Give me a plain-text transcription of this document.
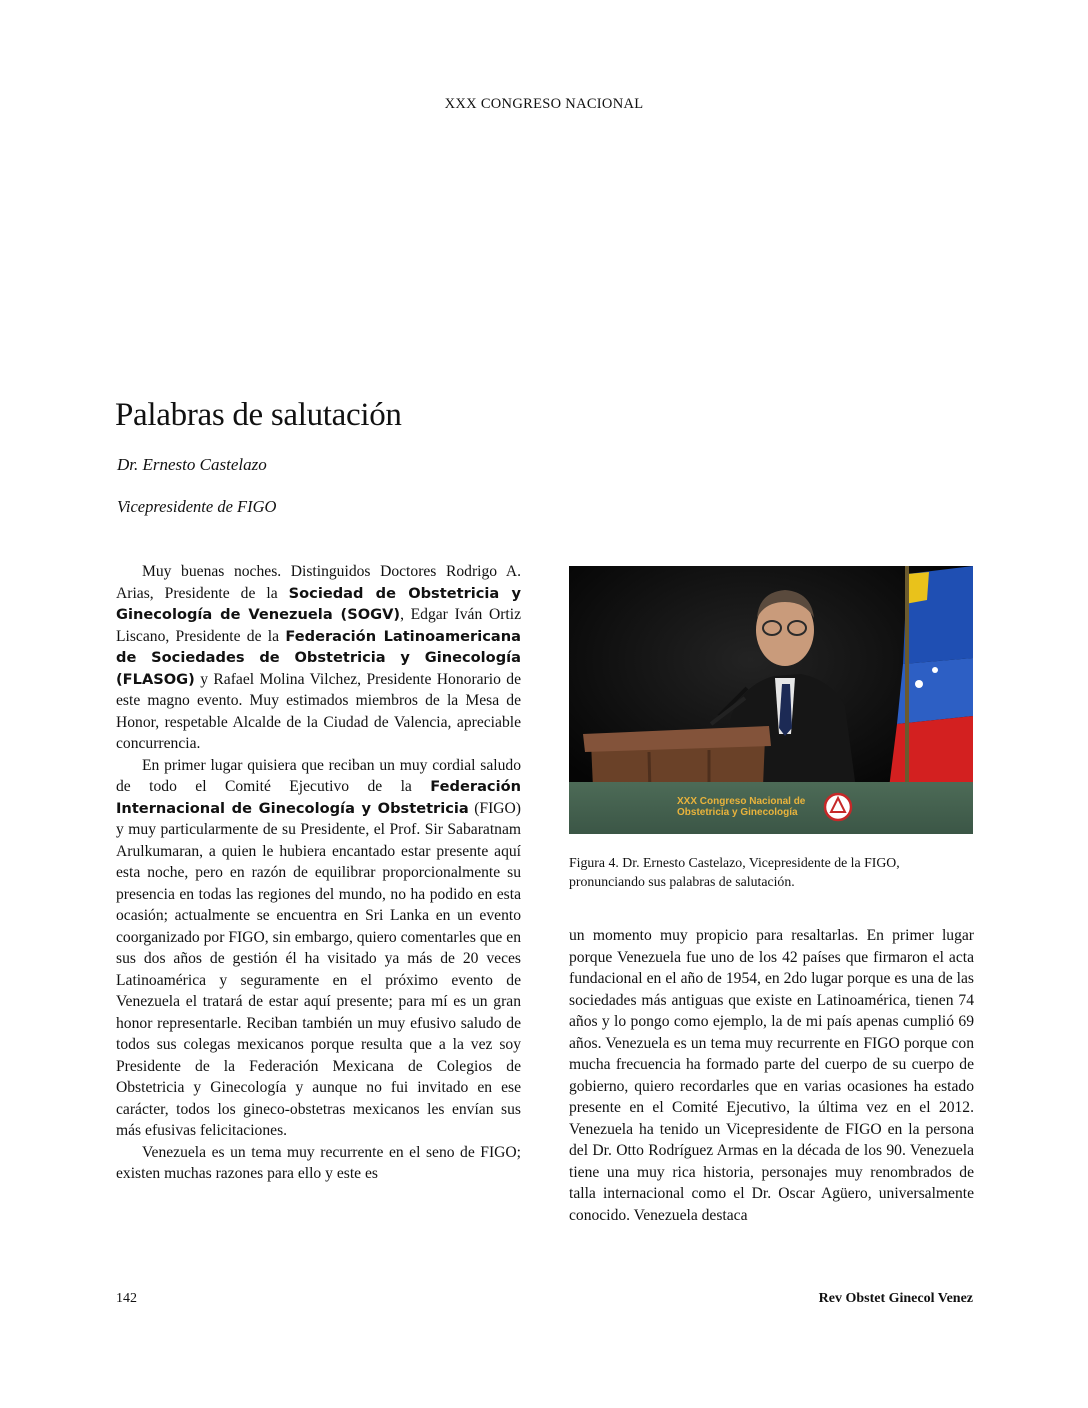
XXX CONGRESO NACIONAL
Palabras de salutación
Dr. Ernesto Castelazo
Vicepresidente de FIGO

Muy buenas noches. Distinguidos Doctores Rodrigo A. Arias, Presidente de la Sociedad de Obstetricia y Ginecología de Venezuela (SOGV), Edgar Iván Ortiz Liscano, Presidente de la Federación Latinoamericana de Sociedades de Obstetricia y Ginecología (FLASOG) y Rafael Molina Vilchez, Presidente Honorario de este magno evento. Muy estimados miembros de la Mesa de Honor, respetable Alcalde de la Ciudad de Valencia, apreciable concurrencia.

En primer lugar quisiera que reciban un muy cordial saludo de todo el Comité Ejecutivo de la Federación Internacional de Ginecología y Obstetricia (FIGO) y muy particularmente de su Presidente, el Prof. Sir Sabaratnam Arulkumaran, a quien le hubiera encantado estar presente aquí esta noche, pero en razón de equilibrar proporcionalmente su presencia en todas las regiones del mundo, no ha podido en esta ocasión; actualmente se encuentra en Sri Lanka en un evento coorganizado por FIGO, sin embargo, quiero comentarles que en sus dos años de gestión él ha visitado ya más de 20 veces Latinoamérica y seguramente en el próximo evento de Venezuela el tratará de estar aquí presente; para mí es un gran honor representarle. Reciban también un muy efusivo saludo de todos sus colegas mexicanos porque resulta que a la vez soy Presidente de la Federación Mexicana de Colegios de Obstetricia y Ginecología y aunque no fui invitado en ese carácter, todos los gineco-obstetras mexicanos les envían sus más efusivas felicitaciones.

Venezuela es un tema muy recurrente en el seno de FIGO; existen muchas razones para ello y este es

XXX Congreso Nacional de Obstetricia y Ginecología
Figura 4. Dr. Ernesto Castelazo, Vicepresidente de la FIGO, pronunciando sus palabras de salutación.

un momento muy propicio para resaltarlas. En primer lugar porque Venezuela fue uno de los 42 países que firmaron el acta fundacional en el año de 1954, en 2do lugar porque es una de las sociedades más antiguas que existe en Latinoamérica, tienen 74 años y lo pongo como ejemplo, la de mi país apenas cumplió 69 años. Venezuela es un tema muy recurrente en FIGO porque con mucha frecuencia ha formado parte del cuerpo de su cuerpo de gobierno, quiero recordarles que en varias ocasiones ha estado presente en el Comité Ejecutivo, la última vez en el 2012. Venezuela ha tenido un Vicepresidente de FIGO en la persona del Dr. Otto Rodríguez Armas en la década de los 90. Venezuela tiene una muy rica historia, personajes muy renombrados de talla internacional como el Dr. Oscar Agüero, universalmente conocido. Venezuela destaca

142	Rev Obstet Ginecol Venez
